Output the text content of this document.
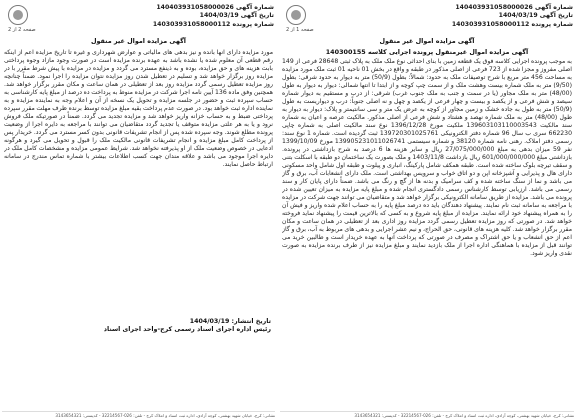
شماره آگهی 140403931058000026
تاریخ آگهی 1404/03/19
شماره پرونده 140303931058000112
صفحه 1 از 2
آگهی مزایده اموال غیر منقول
آگهی مزایده اموال غیرمنقول پرونده اجرایی کلاسه 140300155
به موجب پرونده اجرایی کلاسه فوق یک قطعه زمین با بنای احداثی نوع ملک ملک به پلاک ثبتی 28648 فرعی از 149 اصلی مفروز و مجزا شده از 723 فرعی از اصلی مذکور در طبقه و واقع در بخش 01 ناحیه 01 ثبت ملک مورد مزایده به مساحت 456 متر مربع با شرح توصیفات ملک به حدود: شمالاً: بطول (50/9) متر به دیوار به حدود شرقی: بطول (9/50) متر به ملک شماره بیست وهشت ملک و از سمت چپ کوچه و از ابتدا تا انتها شمالی: دیوار به دیوار به طول (48/00) متر به ملک مجاور (یا در سمت و جنب به ملک جنوب غرب) شرقی: از درب و مستقیم به دیوار شماره سیصد و شش فرعی و از یکصد و بیست و چهار فرعی از یکصد و چهل و نه اصلی جنوباً: درب و دیواریست به طول (50/9) متر به طول به جاده خشک و زمین مجاور از کوچه به عرض یک متر و سی سانتیمتر و پلاک: دیوار به دیوار به طول (48/00) متر به ملک شماره نهصد و هشتاد و شش فرعی از اصلی مذکور. مالکیت عرصه و اعیان به شماره سند مالکیت 139603103110003543 ملکیت مورخ 1396/12/28 نوع سند مالکیت اصلی به شماره چاپی 662230 سری ب سال 96 شماره دفتر الکترونیکی 139720301025761 ثبت گردیده است. شماره 1 نوع سند: رسمی دفتر املاک. رهنی نامه شماره 38120 و شماره سیستمی 139905231011026741 مورخ 1399/10/09 نفر 59 میزان بدهی به مبلغ 27/075/000/000 ریال و سایر هزینه ها 6 درصد به شرح بازداشتی در پرونده. بازداشتی مبلغ 601/000/000/000 ریال بازداشت 1403/11/8 و ملک بصورت یک ساختمان دو طبقه با اسکلت بتنی و سقف تیرچه بلوک ساخته شده است. طبقه همکف شامل پارکینگ، انباری و پیلوت و طبقه اول شامل واحد مسکونی دارای هال و پذیرایی و آشپزخانه اپن و دو اتاق خواب و سرویس بهداشتی است. ملک دارای انشعابات آب، برق و گاز می باشد و نما از سنگ ساخته شده و کف سرامیک و بدنه ها از گچ و رنگ می باشد. ضمناً دارای پایان کار و سند رسمی می باشد. ارزیابی توسط کارشناس رسمی دادگستری انجام شده و مبلغ پایه مزایده به میزان تعیین شده در پرونده می باشد. مزایده از طریق سامانه الکترونیکی برگزار خواهد شد و متقاضیان می توانند جهت شرکت در مزایده با مراجعه به سامانه ثبت نام نمایند. پیشنهاد دهندگان باید ده درصد مبلغ پایه را به حساب اعلام شده واریز و فیش آن را به همراه پیشنهاد خود ارائه نمایند. مزایده از مبلغ پایه شروع و به کسی که بالاترین قیمت را پیشنهاد نماید فروخته خواهد شد. در صورتی که روز مزایده تعطیل رسمی گردد مزایده روز اداری بعد از تعطیلی در همان ساعت و مکان مقرر برگزار خواهد شد. کلیه هزینه های قانونی، حق الحراج، و نیم عشر اجرایی و بدهی های مربوط به آب، برق و گاز اعم از حق انشعاب و یا حق اشتراک و مصرف در صورتی که پرداخت آنها به عهده خریدار است و طالبین خرید می توانند قبل از مزایده با هماهنگی اداره اجرا از ملک بازدید نمایند و مبلغ مزایده نیز از طرف برنده مزایده به صورت نقدی واریز شود.
نشانی: کرج، خیابان شهید بهشتی، کوچه آزادی، اداره ثبت اسناد و املاک کرج - تلفن: 026-32214567 - کدپستی: 3143654321
شماره آگهی 140403931058000026
تاریخ آگهی 1404/03/19
شماره پرونده 140303931058000112
صفحه 2 از 2
آگهی مزایده اموال غیر منقول
مورد مزایده دارای انها بانده و نیز بدهی های مالیاتی و عوارض شهرداری و غیره تا تاریخ مزایده اعم از اینکه رقم قطعی آن معلوم شده یا نشده باشد به عهده برنده مزایده است در صورت وجود مازاد وجوه پرداختی بابت هزینه های و حق مزایده، بوده و به ذینفع مسترد می گردد و مزایده در مزایده با پیش شرط مقرر با در مزایده روز برگزار خواهد شد و تسلیم در تعطیل شدن روز مزایده نتوان مزایده را اجرا نمود. ضمناً چنانچه روز مزایده تعطیل رسمی گردد مزایده روز بعد از تعطیلی در همان ساعت و مکان مقرر برگزار خواهد شد. همچنین وفق ماده 136 آیین نامه اجرا شرکت در مزایده منوط به پرداخت ده درصد از مبلغ پایه کارشناسی به حساب سپرده ثبت و حضور در جلسه مزایده و تحویل یک نسخه از آن و اعلام وجه به نماینده مزایده و به نماینده اداره ثبت خواهد بود. در صورت عدم پرداخت بقیه مبلغ مزایده توسط برنده ظرف مهلت مقرر سپرده پرداختی ضبط و به حساب خزانه واریز خواهد شد و مزایده تجدید می گردد. ضمناً در صورتیکه ملک فروش نرود و یا به هر علتی مزایده متوقف یا تجدید گردد متقاضیان می توانند با مراجعه به دایره اجرا از وضعیت پرونده مطلع شوند. وجه سپرده شده پس از انجام تشریفات قانونی بدون کسر مسترد می گردد. خریدار پس از پرداخت کامل مبلغ مزایده و انجام تشریفات قانونی مالکیت ملک را قبول و تحویل می گیرد و هرگونه ادعایی در خصوص وضعیت ملک از او پذیرفته نخواهد شد. شرایط عمومی مزایده و مشخصات کامل ملک در دایره اجرا موجود می باشد و علاقه مندان جهت کسب اطلاعات بیشتر با شماره تماس مندرج در سامانه ارتباط حاصل نمایند.
تاریخ انتشار: 1404/03/19
رئیس اداره اجرای اسناد رسمی کرج-واحد اجرای اسناد
نشانی: کرج، خیابان شهید بهشتی، کوچه آزادی، اداره ثبت اسناد و املاک کرج - تلفن: 026-32214567 - کدپستی: 3143654321
